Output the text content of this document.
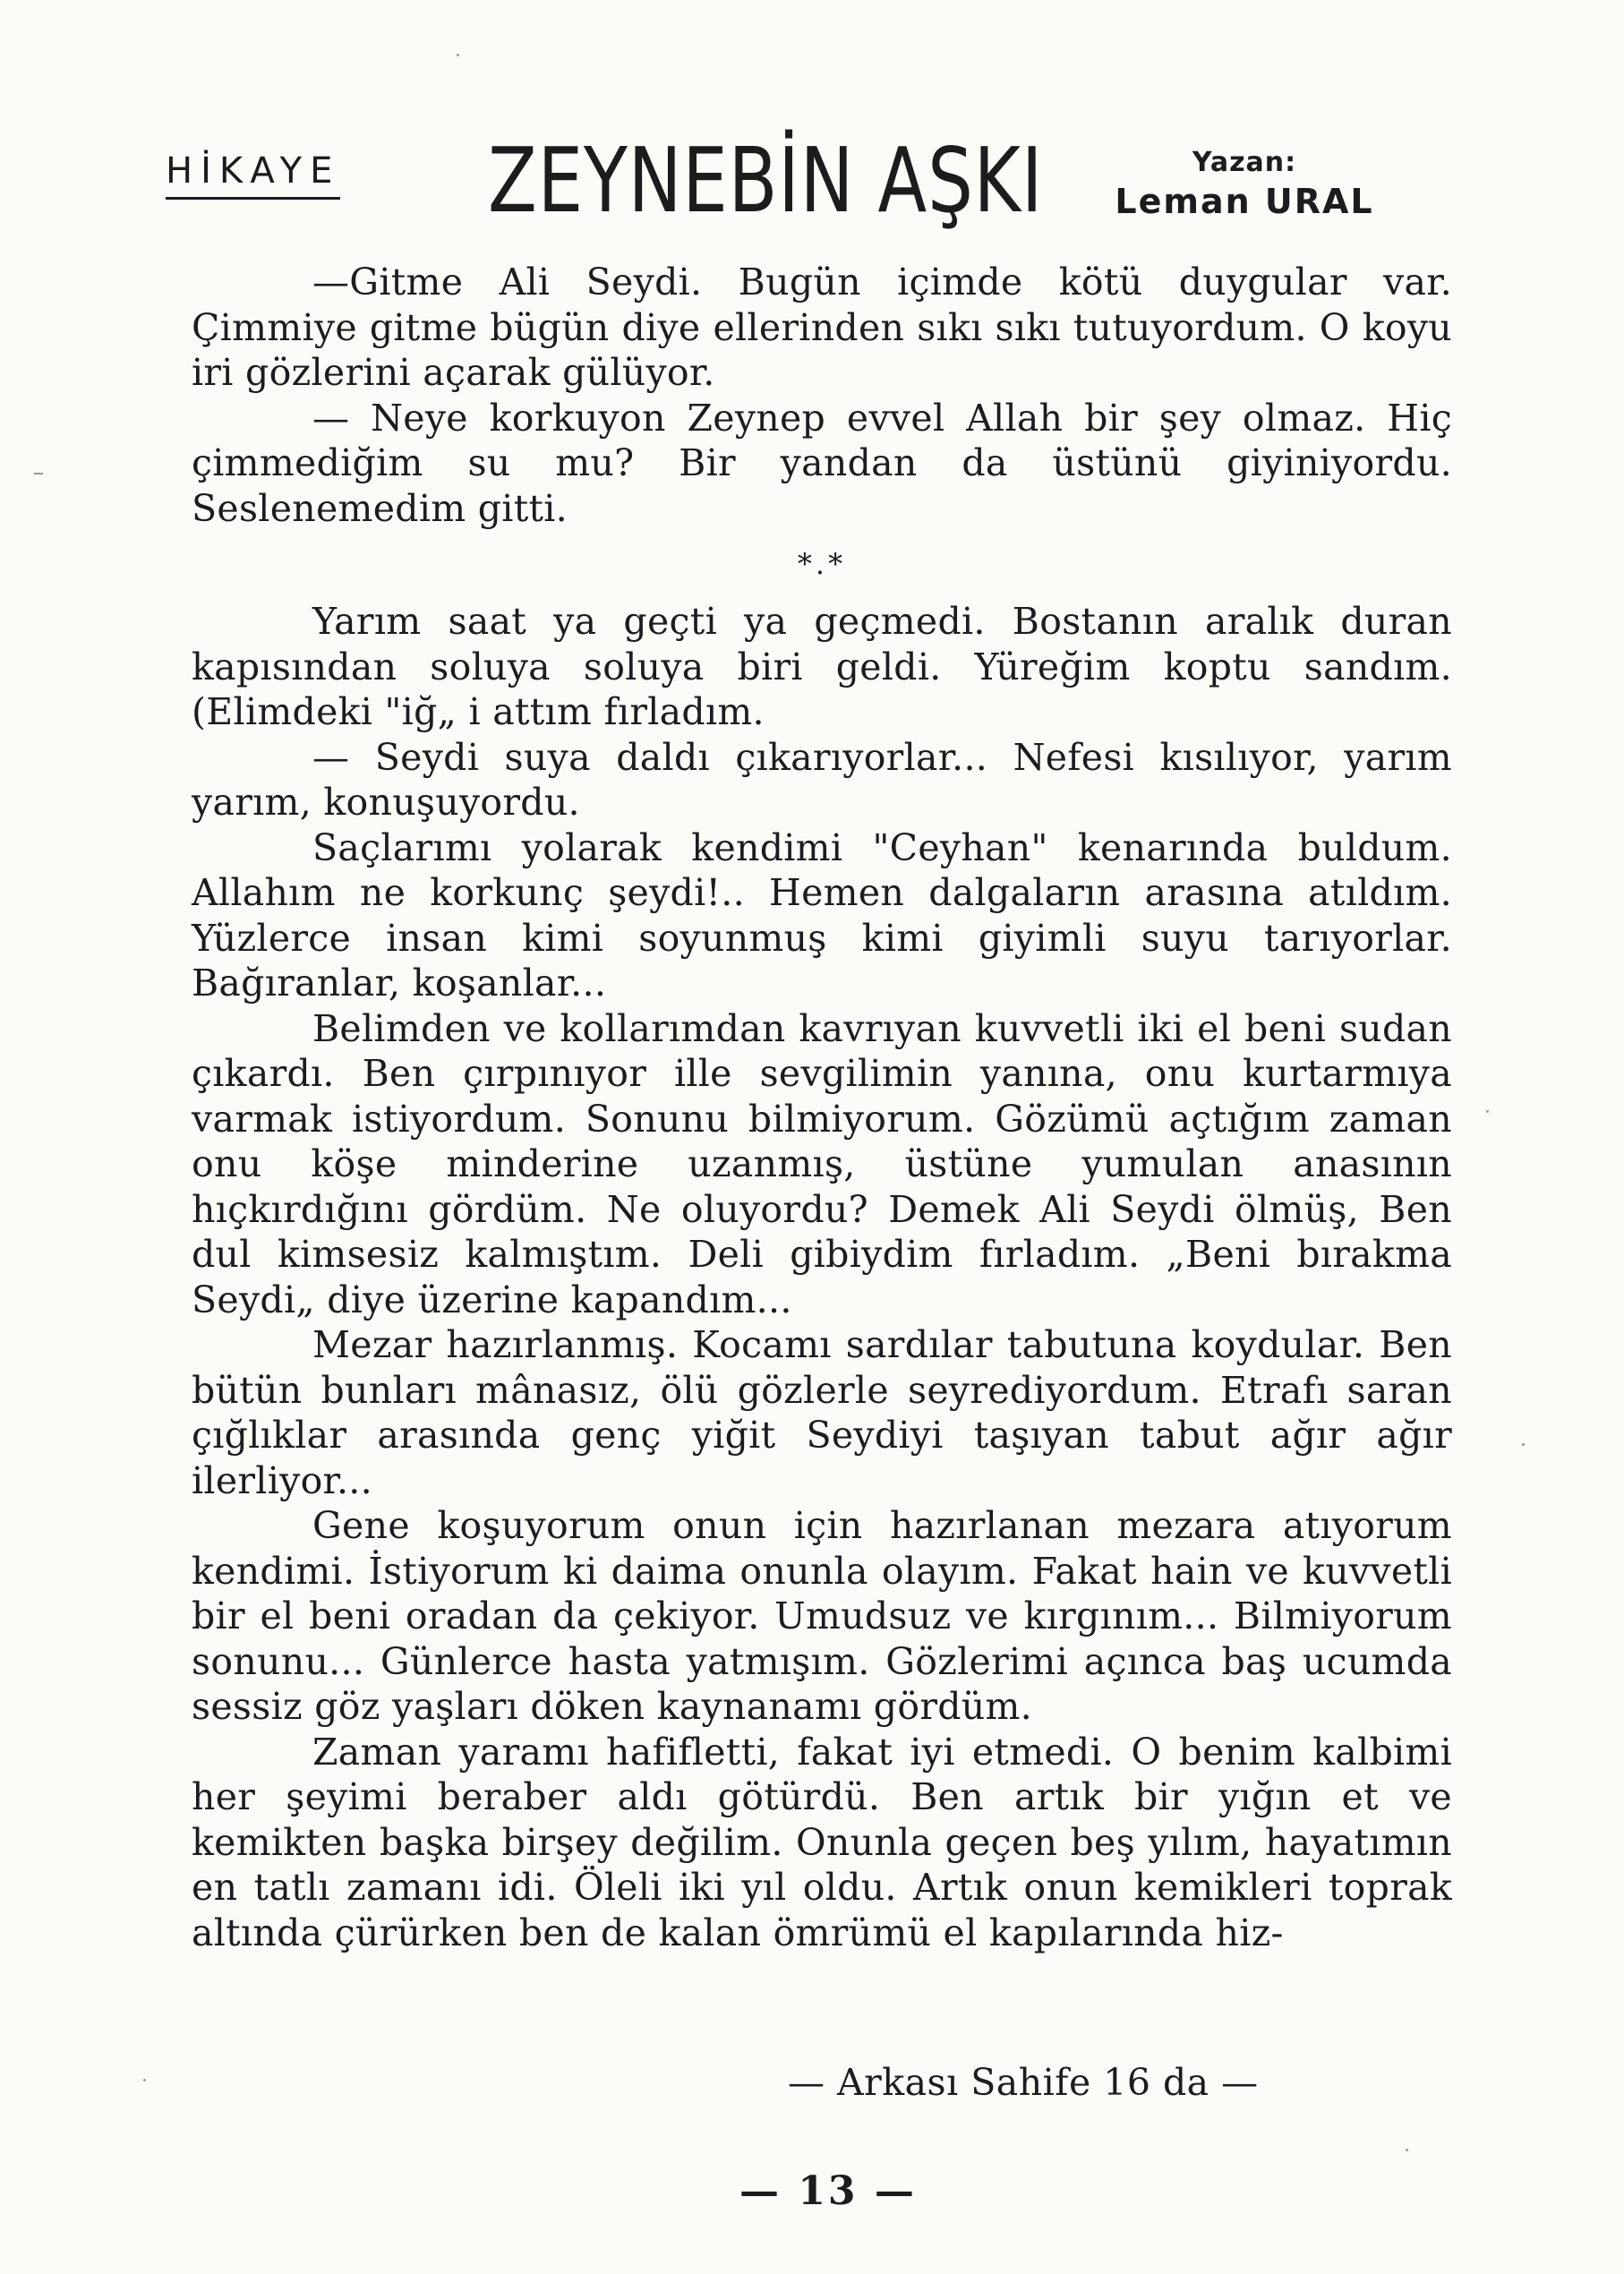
HİKAYE ZEYNEBİN AŞKI	Yazan:
Leman URAL

—Gitme Ali Seydi. Bugün içimde kötü duygular var. Çimmiye gitme bügün diye ellerinden sıkı sıkı tutuyordum. O koyu iri gözlerini açarak gülüyor.

— Neye korkuyon Zeynep evvel Allah bir şey olmaz. Hiç çimmediğim su mu? Bir yandan da üstünü giyiniyordu. Seslenemedim gitti.

*.*

Yarım saat ya geçti ya geçmedi. Bostanın aralık duran kapısından soluya soluya biri geldi. Yüreğim koptu sandım.(Elimdeki "iğ„ i attım fırladım.

— Seydi suya daldı çıkarıyorlar... Nefesi kısılıyor, yarım yarım, konuşuyordu.

Saçlarımı yolarak kendimi "Ceyhan" kenarında buldum. Allahım ne korkunç şeydi!.. Hemen dalgaların arasına atıldım. Yüzlerce insan kimi soyunmuş kimi giyimli suyu tarıyorlar. Bağıranlar, koşanlar...

Belimden ve kollarımdan kavrıyan kuvvetli iki el beni sudan çıkardı. Ben çırpınıyor ille sevgilimin yanına, onu kurtarmıya varmak istiyordum. Sonunu bilmiyorum. Gözümü açtığım zaman onu köşe minderine uzanmış, üstüne yumulan anasının hıçkırdığını gördüm. Ne oluyordu? Demek Ali Seydi ölmüş, Ben dul kimsesiz kalmıştım. Deli gibiydim fırladım. „Beni bırakma Seydi„ diye üzerine kapandım...

Mezar hazırlanmış. Kocamı sardılar tabutuna koydular. Ben bütün bunları mânasız, ölü gözlerle seyrediyordum. Etrafı saran çığlıklar arasında genç yiğit Seydiyi taşıyan tabut ağır ağır ilerliyor...

Gene koşuyorum onun için hazırlanan mezara atıyorum kendimi. İstiyorum ki daima onunla olayım. Fakat hain ve kuvvetli bir el beni oradan da çekiyor. Umudsuz ve kırgınım... Bilmiyorum sonunu... Günlerce hasta yatmışım. Gözlerimi açınca baş ucumda sessiz göz yaşları döken kaynanamı gördüm.

Zaman yaramı hafifletti, fakat iyi etmedi. O benim kalbimi her şeyimi beraber aldı götürdü. Ben artık bir yığın et ve kemikten başka birşey değilim. Onunla geçen beş yılım, hayatımın en tatlı zamanı idi. Öleli iki yıl oldu. Artık onun kemikleri toprak altında çürürken ben de kalan ömrümü el kapılarında hiz-

— Arkası Sahife 16 da —
— 13 —
